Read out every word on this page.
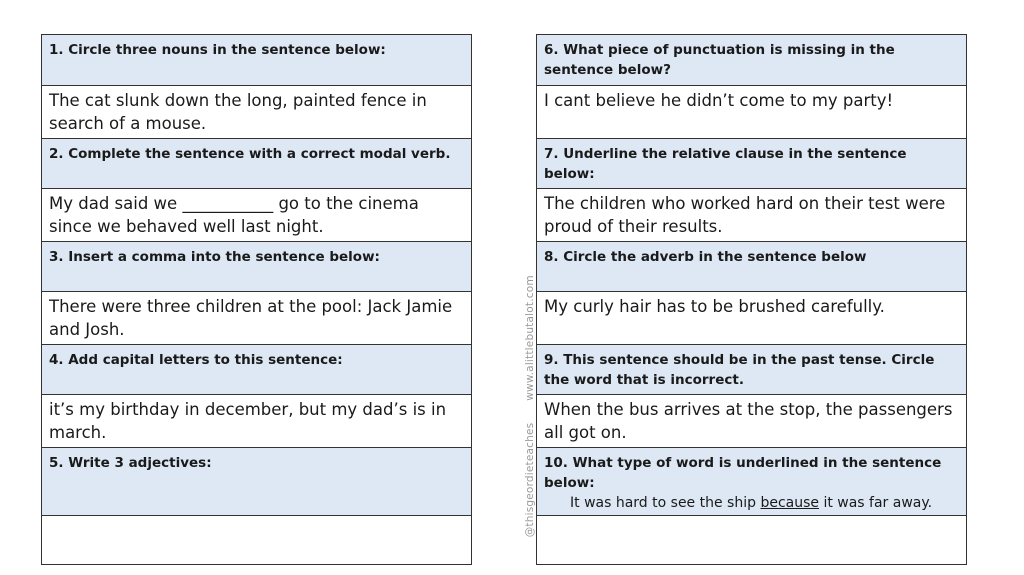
1. Circle three nouns in the sentence below:
The cat slunk down the long, painted fence in search of a mouse.
2. Complete the sentence with a correct modal verb.
My dad said we ___________ go to the cinema since we behaved well last night.
3. Insert a comma into the sentence below:
There were three children at the pool: Jack Jamie and Josh.
4. Add capital letters to this sentence:
it’s my birthday in december, but my dad’s is in march.
5. Write 3 adjectives:
6. What piece of punctuation is missing in the sentence below?
I cant believe he didn’t come to my party!
7. Underline the relative clause in the sentence below:
The children who worked hard on their test were proud of their results.
8. Circle the adverb in the sentence below
My curly hair has to be brushed carefully.
9. This sentence should be in the past tense. Circle the word that is incorrect.
When the bus arrives at the stop, the passengers all got on.
10. What type of word is underlined in the sentence below:
It was hard to see the ship because it was far away.
www.alittlebutalot.com
@thisgeordieteaches
